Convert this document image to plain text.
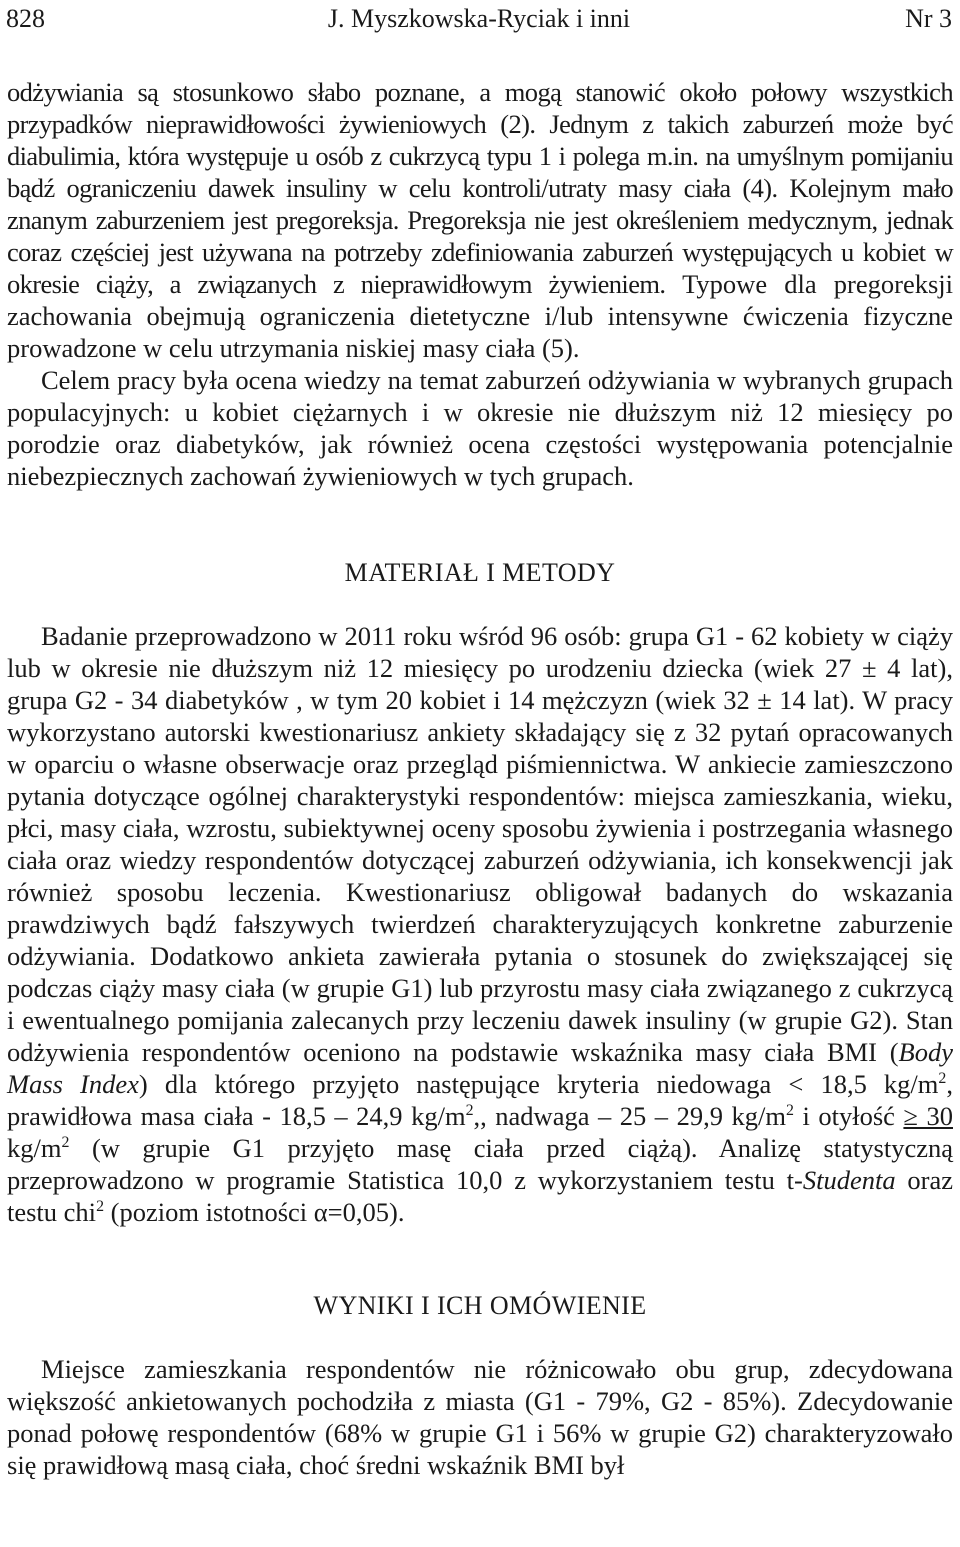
828	J. Myszkowska-Ryciak i inni	Nr 3

odżywiania są stosunkowo słabo poznane, a mogą stanowić około połowy wszystkich przypadków nieprawidłowości żywieniowych (2). Jednym z takich zaburzeń może być diabulimia, która występuje u osób z cukrzycą typu 1 i polega m.in. na umyślnym pomijaniu bądź ograniczeniu dawek insuliny w celu kontroli/utraty masy ciała (4). Kolejnym mało znanym zaburzeniem jest pregoreksja. Pregoreksja nie jest określeniem medycznym, jednak coraz częściej jest używana na potrzeby zdefiniowania zaburzeń występujących u kobiet w okresie ciąży, a związanych z nieprawidłowym żywieniem. Typowe dla pregoreksji zachowania obejmują ograniczenia dietetyczne i/lub intensywne ćwiczenia fizyczne prowadzone w celu utrzymania niskiej masy ciała (5).

Celem pracy była ocena wiedzy na temat zaburzeń odżywiania w wybranych grupach populacyjnych: u kobiet ciężarnych i w okresie nie dłuższym niż 12 miesięcy po porodzie oraz diabetyków, jak również ocena częstości występowania potencjalnie niebezpiecznych zachowań żywieniowych w tych grupach.

MATERIAŁ I METODY

Badanie przeprowadzono w 2011 roku wśród 96 osób: grupa G1 - 62 kobiety w ciąży lub w okresie nie dłuższym niż 12 miesięcy po urodzeniu dziecka (wiek 27 ± 4 lat), grupa G2 - 34 diabetyków , w tym 20 kobiet i 14 mężczyzn (wiek 32 ± 14 lat). W pracy wykorzystano autorski kwestionariusz ankiety składający się z 32 pytań opracowanych w oparciu o własne obserwacje oraz przegląd piśmiennictwa. W ankiecie zamieszczono pytania dotyczące ogólnej charakterystyki respondentów: miejsca zamieszkania, wieku, płci, masy ciała, wzrostu, subiektywnej oceny sposobu żywienia i postrzegania własnego ciała oraz wiedzy respondentów dotyczącej zaburzeń odżywiania, ich konsekwencji jak również sposobu leczenia. Kwestionariusz obligował badanych do wskazania prawdziwych bądź fałszywych twierdzeń charakteryzujących konkretne zaburzenie odżywiania. Dodatkowo ankieta zawierała pytania o stosunek do zwiększającej się podczas ciąży masy ciała (w grupie G1) lub przyrostu masy ciała związanego z cukrzycą i ewentualnego pomijania zalecanych przy leczeniu dawek insuliny (w grupie G2). Stan odżywienia respondentów oceniono na podstawie wskaźnika masy ciała BMI (Body Mass Index) dla którego przyjęto następujące kryteria niedowaga < 18,5 $kg/m^2$, prawidłowa masa ciała - 18,5 – 24,9 $kg/m^2$,, nadwaga – 25 – 29,9 $kg/m^2$ i otyłość ≥ 30 $kg/m^2$ (w grupie G1 przyjęto masę ciała przed ciążą). Analizę statystyczną przeprowadzono w programie Statistica 10,0 z wykorzystaniem testu t-Studenta oraz testu chi$^2$ (poziom istotności α=0,05).

WYNIKI I ICH OMÓWIENIE

Miejsce zamieszkania respondentów nie różnicowało obu grup, zdecydowana większość ankietowanych pochodziła z miasta (G1 - 79%, G2 - 85%). Zdecydowanie ponad połowę respondentów (68% w grupie G1 i 56% w grupie G2) charakteryzowało się prawidłową masą ciała, choć średni wskaźnik BMI był
